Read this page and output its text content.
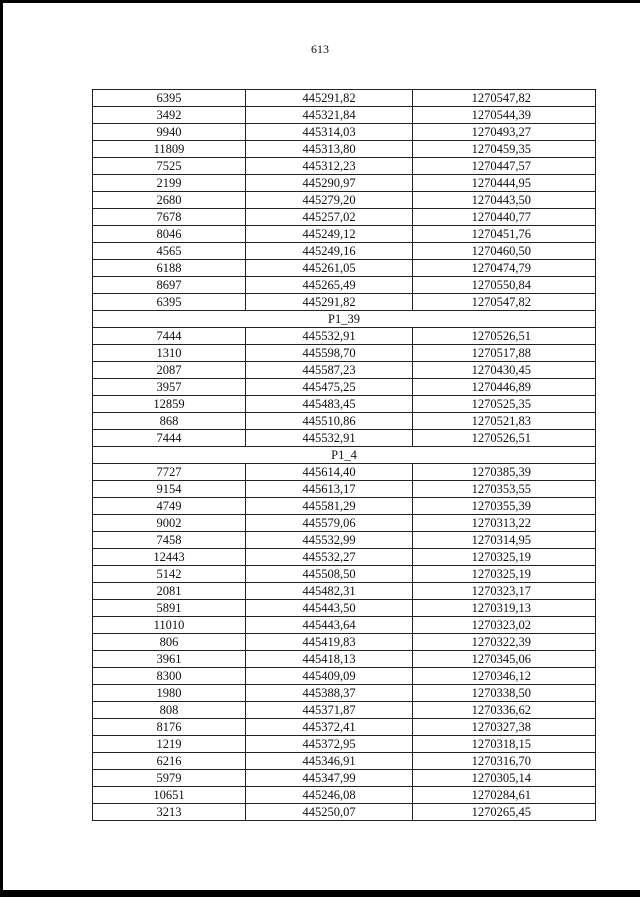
613
6395	445291,82	1270547,82
3492	445321,84	1270544,39
9940	445314,03	1270493,27
11809	445313,80	1270459,35
7525	445312,23	1270447,57
2199	445290,97	1270444,95
2680	445279,20	1270443,50
7678	445257,02	1270440,77
8046	445249,12	1270451,76
4565	445249,16	1270460,50
6188	445261,05	1270474,79
8697	445265,49	1270550,84
6395	445291,82	1270547,82
P1_39		
7444	445532,91	1270526,51
1310	445598,70	1270517,88
2087	445587,23	1270430,45
3957	445475,25	1270446,89
12859	445483,45	1270525,35
868	445510,86	1270521,83
7444	445532,91	1270526,51
P1_4		
7727	445614,40	1270385,39
9154	445613,17	1270353,55
4749	445581,29	1270355,39
9002	445579,06	1270313,22
7458	445532,99	1270314,95
12443	445532,27	1270325,19
5142	445508,50	1270325,19
2081	445482,31	1270323,17
5891	445443,50	1270319,13
11010	445443,64	1270323,02
806	445419,83	1270322,39
3961	445418,13	1270345,06
8300	445409,09	1270346,12
1980	445388,37	1270338,50
808	445371,87	1270336,62
8176	445372,41	1270327,38
1219	445372,95	1270318,15
6216	445346,91	1270316,70
5979	445347,99	1270305,14
10651	445246,08	1270284,61
3213	445250,07	1270265,45
